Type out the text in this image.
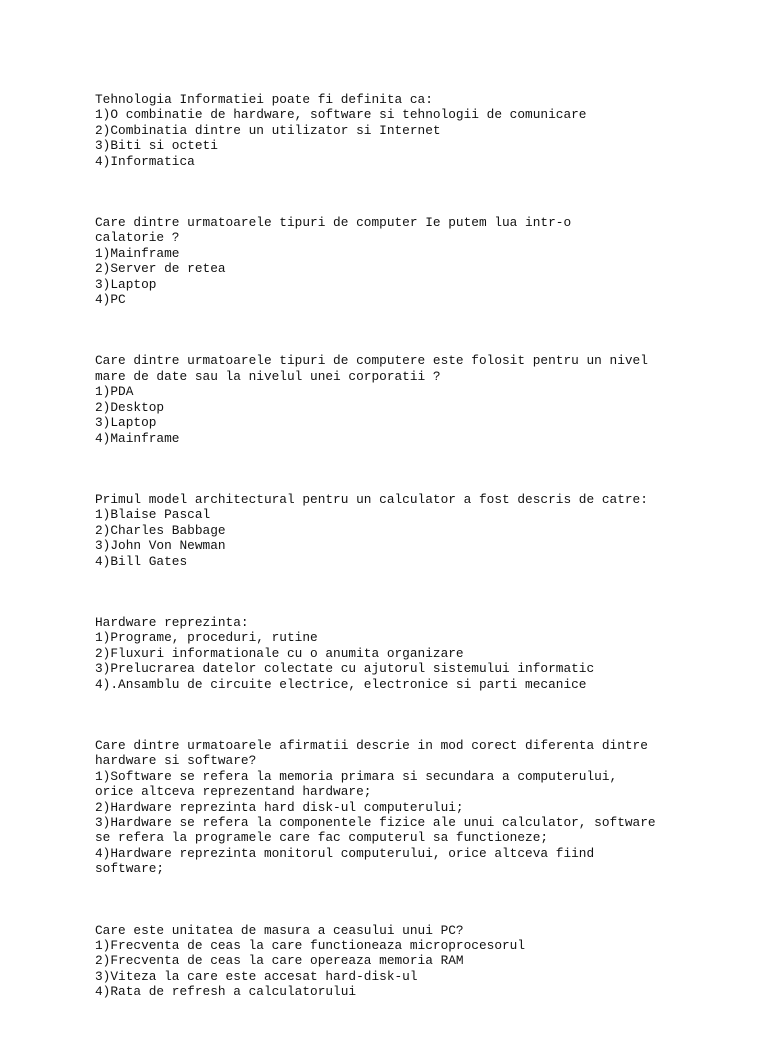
Tehnologia Informatiei poate fi definita ca:
1)O combinatie de hardware, software si tehnologii de comunicare
2)Combinatia dintre un utilizator si Internet
3)Biti si octeti
4)Informatica
Care dintre urmatoarele tipuri de computer Ie putem lua intr-o
calatorie ?
1)Mainframe
2)Server de retea
3)Laptop
4)PC
Care dintre urmatoarele tipuri de computere este folosit pentru un nivel
mare de date sau la nivelul unei corporatii ?
1)PDA
2)Desktop
3)Laptop
4)Mainframe
Primul model architectural pentru un calculator a fost descris de catre:
1)Blaise Pascal
2)Charles Babbage
3)John Von Newman
4)Bill Gates
Hardware reprezinta:
1)Programe, proceduri, rutine
2)Fluxuri informationale cu o anumita organizare
3)Prelucrarea datelor colectate cu ajutorul sistemului informatic
4).Ansamblu de circuite electrice, electronice si parti mecanice
Care dintre urmatoarele afirmatii descrie in mod corect diferenta dintre
hardware si software?
1)Software se refera la memoria primara si secundara a computerului,
orice altceva reprezentand hardware;
2)Hardware reprezinta hard disk-ul computerului;
3)Hardware se refera la componentele fizice ale unui calculator, software
se refera la programele care fac computerul sa functioneze;
4)Hardware reprezinta monitorul computerului, orice altceva fiind
software;
Care este unitatea de masura a ceasului unui PC?
1)Frecventa de ceas la care functioneaza microprocesorul
2)Frecventa de ceas la care opereaza memoria RAM
3)Viteza la care este accesat hard-disk-ul
4)Rata de refresh a calculatorului
